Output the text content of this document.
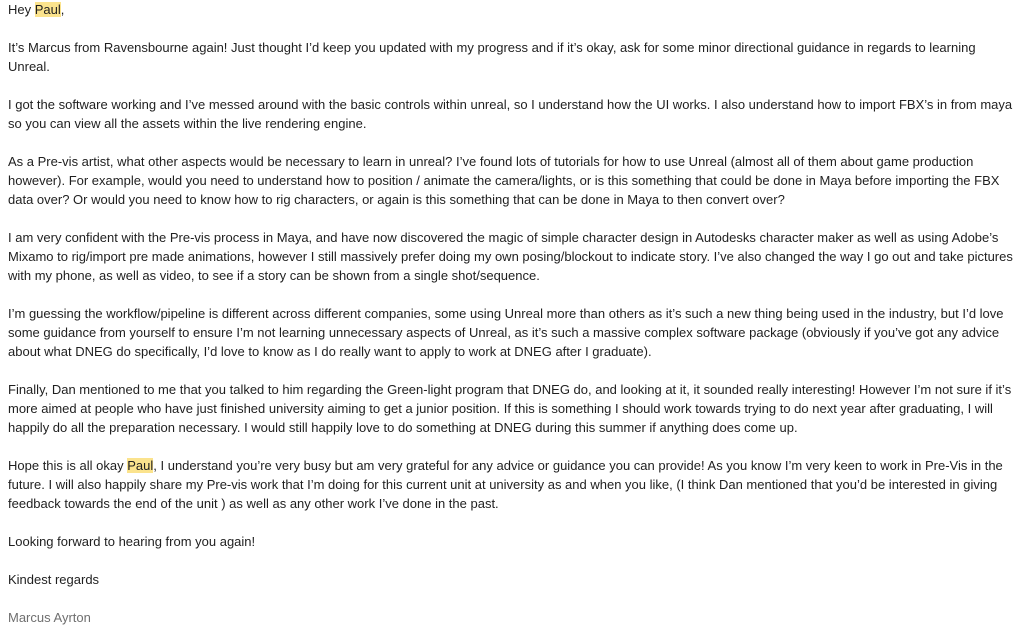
Hey Paul,

It’s Marcus from Ravensbourne again! Just thought I’d keep you updated with my progress and if it’s okay, ask for some minor directional guidance in regards to learning Unreal.

I got the software working and I’ve messed around with the basic controls within unreal, so I understand how the UI works. I also understand how to import FBX’s in from maya so you can view all the assets within the live rendering engine.

As a Pre-vis artist, what other aspects would be necessary to learn in unreal? I’ve found lots of tutorials for how to use Unreal (almost all of them about game production however). For example, would you need to understand how to position / animate the camera/lights, or is this something that could be done in Maya before importing the FBX data over? Or would you need to know how to rig characters, or again is this something that can be done in Maya to then convert over?

I am very confident with the Pre-vis process in Maya, and have now discovered the magic of simple character design in Autodesks character maker as well as using Adobe’s Mixamo to rig/import pre made animations, however I still massively prefer doing my own posing/blockout to indicate story. I’ve also changed the way I go out and take pictures with my phone, as well as video, to see if a story can be shown from a single shot/sequence.

I’m guessing the workflow/pipeline is different across different companies, some using Unreal more than others as it’s such a new thing being used in the industry, but I’d love some guidance from yourself to ensure I’m not learning unnecessary aspects of Unreal, as it’s such a massive complex software package (obviously if you’ve got any advice about what DNEG do specifically, I’d love to know as I do really want to apply to work at DNEG after I graduate).

Finally, Dan mentioned to me that you talked to him regarding the Green-light program that DNEG do, and looking at it, it sounded really interesting! However I’m not sure if it’s more aimed at people who have just finished university aiming to get a junior position. If this is something I should work towards trying to do next year after graduating, I will happily do all the preparation necessary. I would still happily love to do something at DNEG during this summer if anything does come up.

Hope this is all okay Paul, I understand you’re very busy but am very grateful for any advice or guidance you can provide! As you know I’m very keen to work in Pre-Vis in the future. I will also happily share my Pre-vis work that I’m doing for this current unit at university as and when you like, (I think Dan mentioned that you’d be interested in giving feedback towards the end of the unit ) as well as any other work I’ve done in the past.

Looking forward to hearing from you again!

Kindest regards

Marcus Ayrton
